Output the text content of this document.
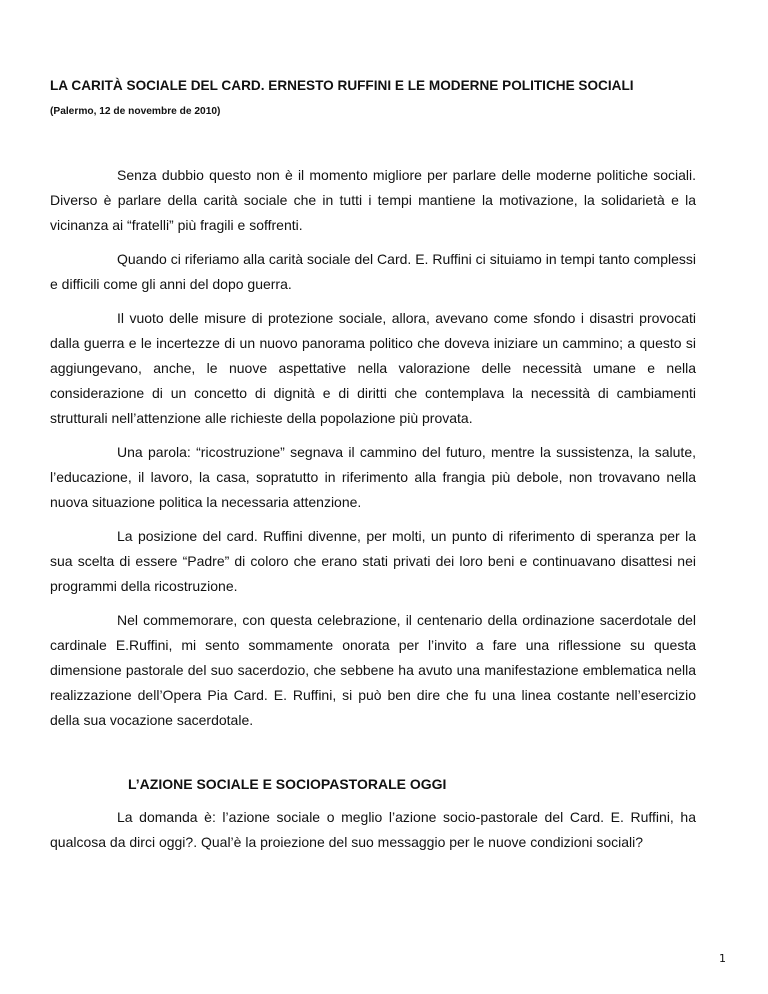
LA CARITÀ SOCIALE DEL CARD. ERNESTO RUFFINI E LE MODERNE POLITICHE SOCIALI
(Palermo, 12 de novembre de 2010)

Senza dubbio questo non è il momento migliore per parlare delle moderne politiche sociali. Diverso è parlare della carità sociale che in tutti i tempi mantiene la motivazione, la solidarietà e la vicinanza ai “fratelli” più fragili e soffrenti.

Quando ci riferiamo alla carità sociale del Card. E. Ruffini ci situiamo in tempi tanto complessi e difficili come gli anni del dopo guerra.

Il vuoto delle misure di protezione sociale, allora, avevano come sfondo i disastri provocati dalla guerra e le incertezze di un nuovo panorama politico che doveva iniziare un cammino; a questo si aggiungevano, anche, le nuove aspettative nella valorazione delle necessità umane e nella considerazione di un concetto di dignità e di diritti che contemplava la necessità di cambiamenti strutturali nell’attenzione alle richieste della popolazione più provata.

Una parola: “ricostruzione” segnava il cammino del futuro, mentre la sussistenza, la salute, l’educazione, il lavoro, la casa, sopratutto in riferimento alla frangia più debole, non trovavano nella nuova situazione politica la necessaria attenzione.

La posizione del card. Ruffini divenne, per molti, un punto di riferimento di speranza per la sua scelta di essere “Padre” di coloro che erano stati privati dei loro beni e continuavano disattesi nei programmi della ricostruzione.

Nel commemorare, con questa celebrazione, il centenario della ordinazione sacerdotale del cardinale E.Ruffini, mi sento sommamente onorata per l’invito a fare una riflessione su questa dimensione pastorale del suo sacerdozio, che sebbene ha avuto una manifestazione emblematica nella realizzazione dell’Opera Pia Card. E. Ruffini, si può ben dire che fu una linea costante nell’esercizio della sua vocazione sacerdotale.

L’AZIONE SOCIALE E SOCIOPASTORALE OGGI

La domanda è: l’azione sociale o meglio l’azione socio-pastorale del Card. E. Ruffini, ha qualcosa da dirci oggi?. Qual’è la proiezione del suo messaggio per le nuove condizioni sociali?

1
